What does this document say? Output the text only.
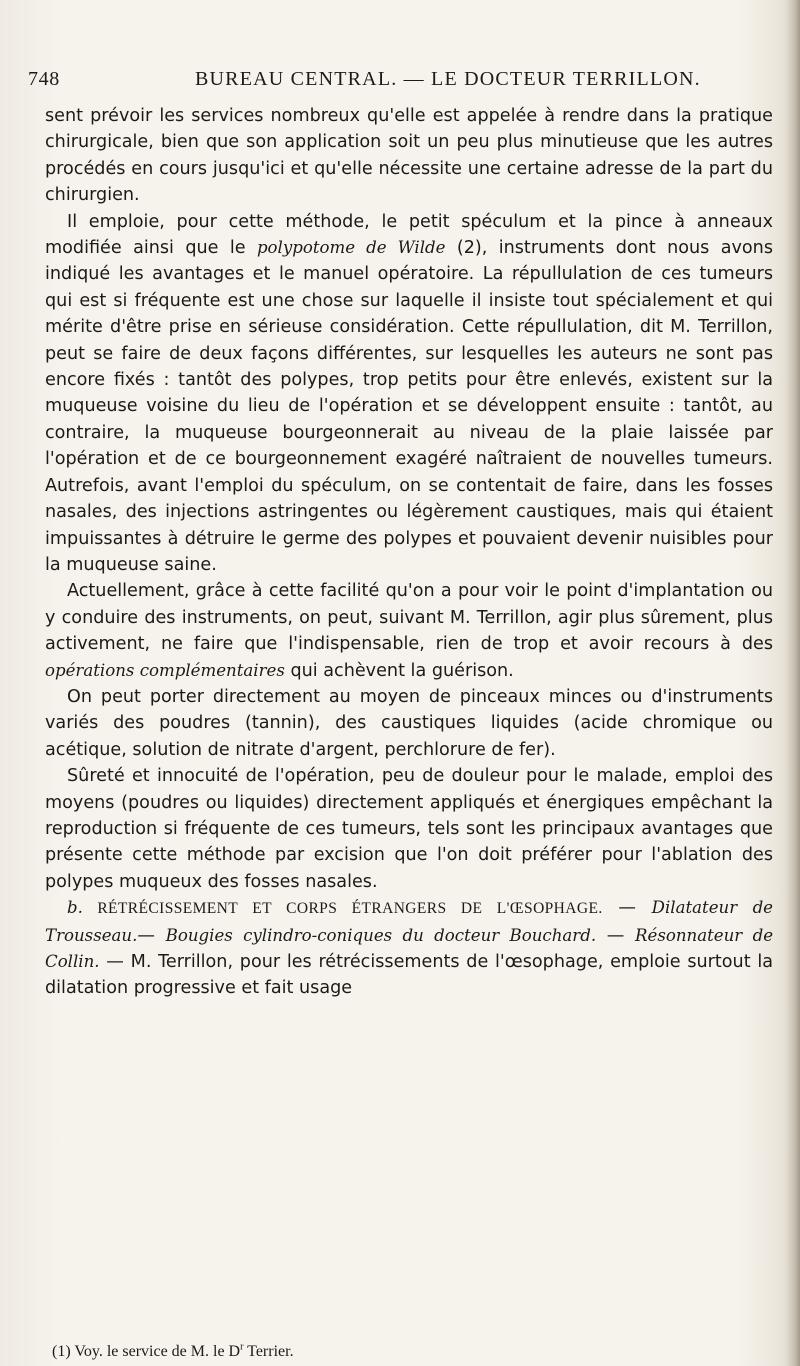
748	BUREAU CENTRAL. — LE DOCTEUR TERRILLON.

sent prévoir les services nombreux qu'elle est appelée à rendre dans la pratique chirurgicale, bien que son application soit un peu plus minutieuse que les autres procédés en cours jusqu'ici et qu'elle nécessite une certaine adresse de la part du chirurgien.

Il emploie, pour cette méthode, le petit spéculum et la pince à anneaux modifiée ainsi que le polypotome de Wilde (2), instruments dont nous avons indiqué les avantages et le manuel opératoire. La répullulation de ces tumeurs qui est si fréquente est une chose sur laquelle il insiste tout spécialement et qui mérite d'être prise en sérieuse considération. Cette répullulation, dit M. Terrillon, peut se faire de deux façons différentes, sur lesquelles les auteurs ne sont pas encore fixés : tantôt des polypes, trop petits pour être enlevés, existent sur la muqueuse voisine du lieu de l'opération et se développent ensuite : tantôt, au contraire, la muqueuse bourgeonnerait au niveau de la plaie laissée par l'opération et de ce bourgeonnement exagéré naîtraient de nouvelles tumeurs. Autrefois, avant l'emploi du spéculum, on se contentait de faire, dans les fosses nasales, des injections astringentes ou légèrement caustiques, mais qui étaient impuissantes à détruire le germe des polypes et pouvaient devenir nuisibles pour la muqueuse saine.

Actuellement, grâce à cette facilité qu'on a pour voir le point d'implantation ou y conduire des instruments, on peut, suivant M. Terrillon, agir plus sûrement, plus activement, ne faire que l'indispensable, rien de trop et avoir recours à des opérations complémentaires qui achèvent la guérison.

On peut porter directement au moyen de pinceaux minces ou d'instruments variés des poudres (tannin), des caustiques liquides (acide chromique ou acétique, solution de nitrate d'argent, perchlorure de fer).

Sûreté et innocuité de l'opération, peu de douleur pour le malade, emploi des moyens (poudres ou liquides) directement appliqués et énergiques empêchant la reproduction si fréquente de ces tumeurs, tels sont les principaux avantages que présente cette méthode par excision que l'on doit préférer pour l'ablation des polypes muqueux des fosses nasales.

b. RÉTRÉCISSEMENT ET CORPS ÉTRANGERS DE L'ŒSOPHAGE. — Dilatateur de Trousseau.— Bougies cylindro-coniques du docteur Bouchard. — Résonnateur de Collin. — M. Terrillon, pour les rétrécissements de l'œsophage, emploie surtout la dilatation progressive et fait usage

(1) Voy. le service de M. le $D^r$ Terrier.
